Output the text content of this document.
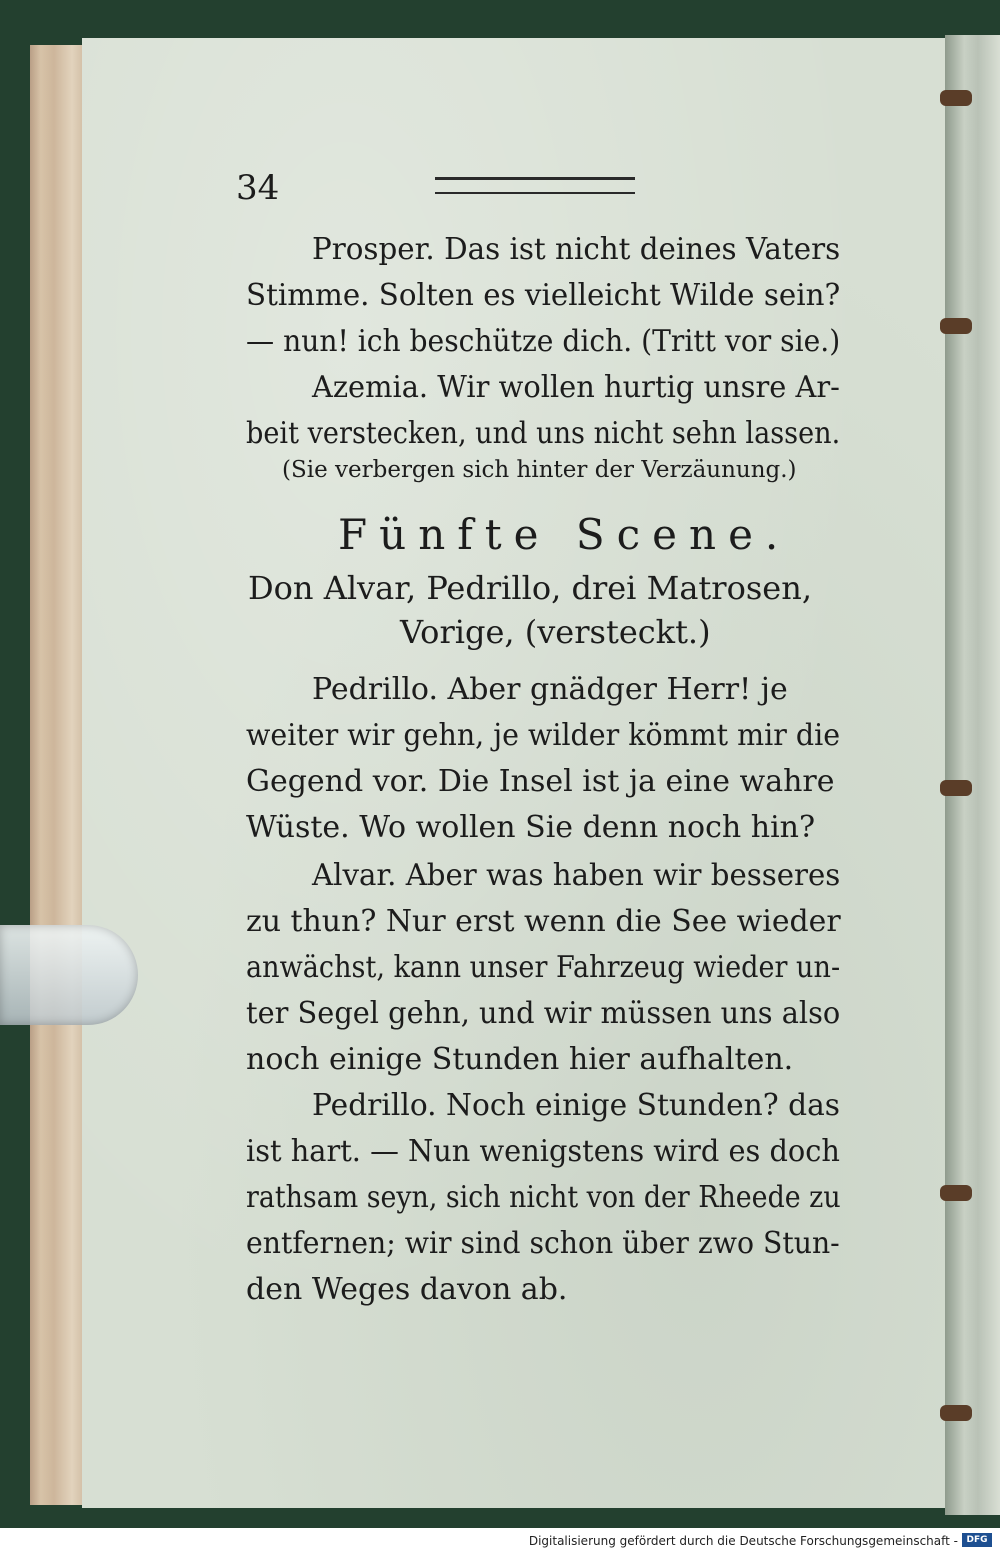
34
Prosper. Das ist nicht deines Vaters
Stimme. Solten es vielleicht Wilde sein?
— nun! ich beschütze dich. (Tritt vor sie.)
Azemia. Wir wollen hurtig unsre Ar-
beit verstecken, und uns nicht sehn lassen.
(Sie verbergen sich hinter der Verzäunung.)
Fünfte Scene.
Don Alvar, Pedrillo, drei Matrosen,
Vorige, (versteckt.)
Pedrillo. Aber gnädger Herr! je
weiter wir gehn, je wilder kömmt mir die
Gegend vor. Die Insel ist ja eine wahre
Wüste. Wo wollen Sie denn noch hin?
Alvar. Aber was haben wir besseres
zu thun? Nur erst wenn die See wieder
anwächst, kann unser Fahrzeug wieder un-
ter Segel gehn, und wir müssen uns also
noch einige Stunden hier aufhalten.
Pedrillo. Noch einige Stunden? das
ist hart. — Nun wenigstens wird es doch
rathsam seyn, sich nicht von der Rheede zu
entfernen; wir sind schon über zwo Stun-
den Weges davon ab.
Digitalisierung gefördert durch die Deutsche Forschungsgemeinschaft - DFG
